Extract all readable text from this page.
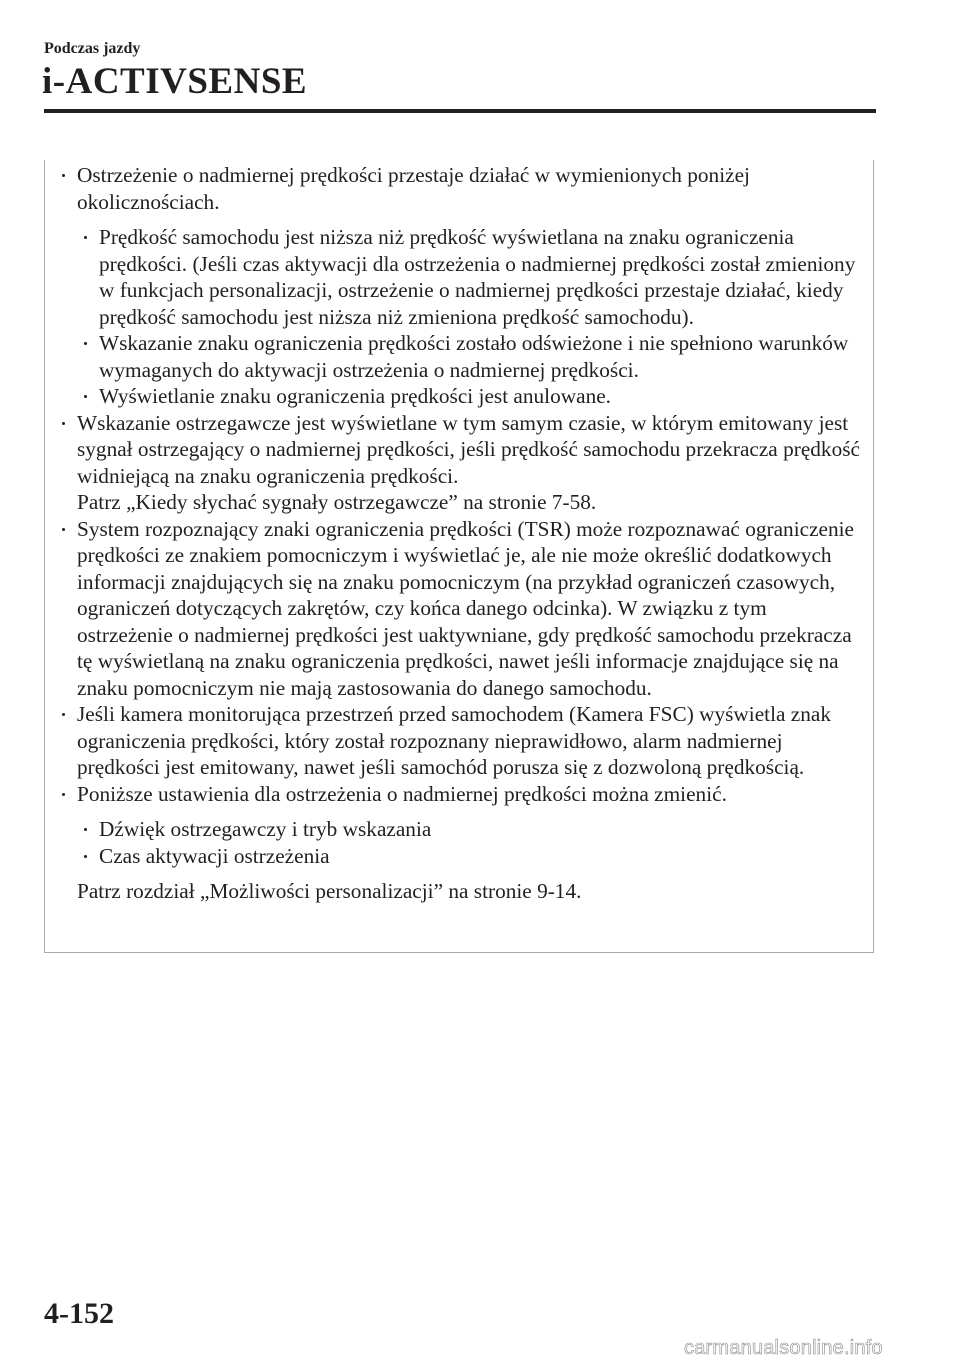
Podczas jazdy
i-ACTIVSENSE
Ostrzeżenie o nadmiernej prędkości przestaje działać w wymienionych poniżej okolicznościach.
Prędkość samochodu jest niższa niż prędkość wyświetlana na znaku ograniczenia prędkości. (Jeśli czas aktywacji dla ostrzeżenia o nadmiernej prędkości został zmieniony w funkcjach personalizacji, ostrzeżenie o nadmiernej prędkości przestaje działać, kiedy prędkość samochodu jest niższa niż zmieniona prędkość samochodu).
Wskazanie znaku ograniczenia prędkości zostało odświeżone i nie spełniono warunków wymaganych do aktywacji ostrzeżenia o nadmiernej prędkości.
Wyświetlanie znaku ograniczenia prędkości jest anulowane.
Wskazanie ostrzegawcze jest wyświetlane w tym samym czasie, w którym emitowany jest sygnał ostrzegający o nadmiernej prędkości, jeśli prędkość samochodu przekracza prędkość widniejącą na znaku ograniczenia prędkości.
Patrz „Kiedy słychać sygnały ostrzegawcze” na stronie 7-58.
System rozpoznający znaki ograniczenia prędkości (TSR) może rozpoznawać ograniczenie prędkości ze znakiem pomocniczym i wyświetlać je, ale nie może określić dodatkowych informacji znajdujących się na znaku pomocniczym (na przykład ograniczeń czasowych, ograniczeń dotyczących zakrętów, czy końca danego odcinka). W związku z tym ostrzeżenie o nadmiernej prędkości jest uaktywniane, gdy prędkość samochodu przekracza tę wyświetlaną na znaku ograniczenia prędkości, nawet jeśli informacje znajdujące się na znaku pomocniczym nie mają zastosowania do danego samochodu.
Jeśli kamera monitorująca przestrzeń przed samochodem (Kamera FSC) wyświetla znak ograniczenia prędkości, który został rozpoznany nieprawidłowo, alarm nadmiernej prędkości jest emitowany, nawet jeśli samochód porusza się z dozwoloną prędkością.
Poniższe ustawienia dla ostrzeżenia o nadmiernej prędkości można zmienić.
Dźwięk ostrzegawczy i tryb wskazania
Czas aktywacji ostrzeżenia
Patrz rozdział „Możliwości personalizacji” na stronie 9-14.
4-152
carmanualsonline.info
